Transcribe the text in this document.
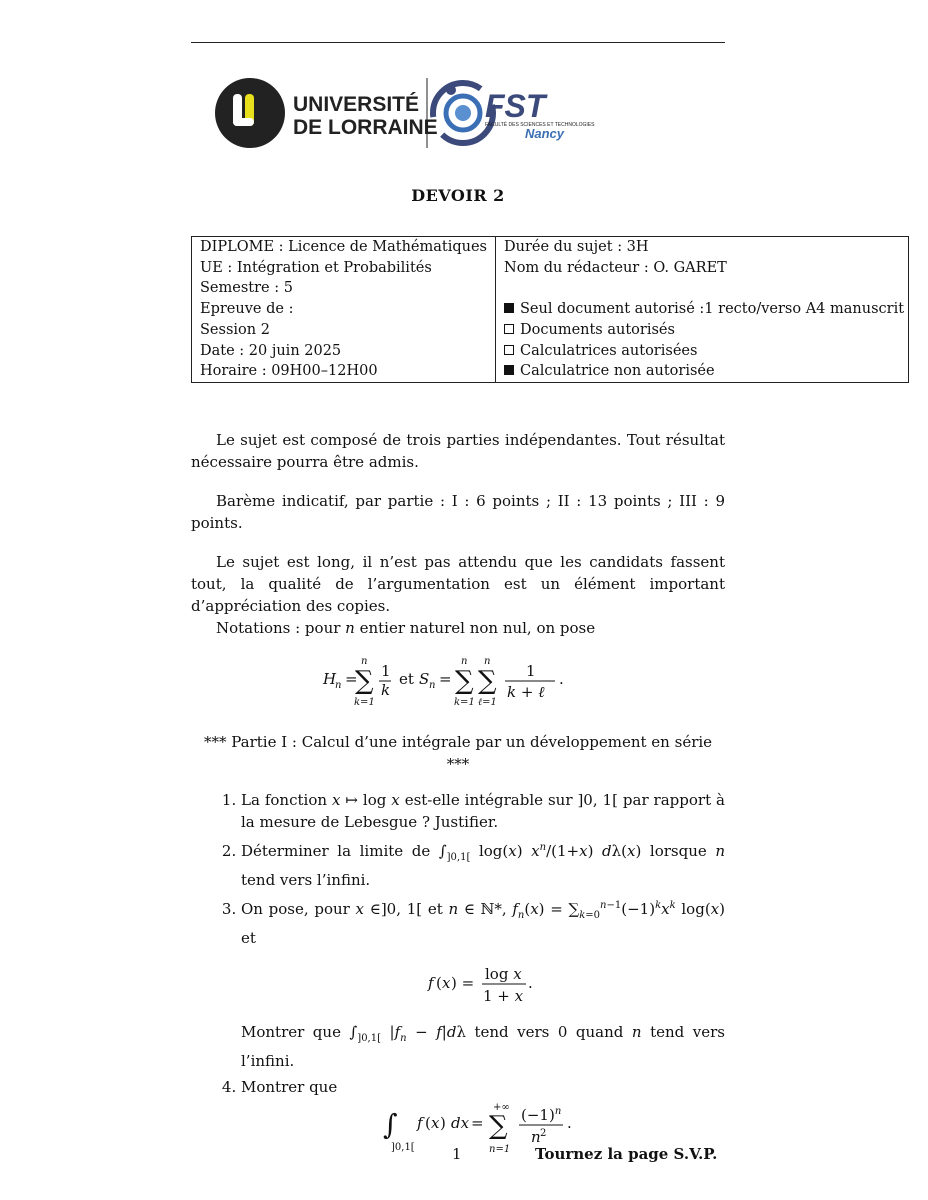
UNIVERSITÉ
DE LORRAINE
FST
FACULTÉ DES SCIENCES ET TECHNOLOGIES
Nancy
DEVOIR 2
DIPLOME : Licence de Mathématiques
UE : Intégration et Probabilités
Semestre : 5
Epreuve de :
Session 2
Date : 20 juin 2025
Horaire : 09H00–12H00
Durée du sujet : 3H
Nom du rédacteur : O. GARET
Seul document autorisé :1 recto/verso A4 manuscrit
Documents autorisés
Calculatrices autorisées
Calculatrice non autorisée

Le sujet est composé de trois parties indépendantes. Tout résultat nécessaire pourra être admis.

Barème indicatif, par partie : I : 6 points ; II : 13 points ; III : 9 points.

Le sujet est long, il n’est pas attendu que les candidats fassent tout, la qualité de l’argumentation est un élément important d’appréciation des copies.

Notations : pour n entier naturel non nul, on pose

H
n =
n
∑
k=1
1
k
et S n =
n
∑
k=1
n
∑
ℓ=1
1
k + ℓ
.
*** Partie I : Calcul d’une intégrale par un développement en série ***
1. La fonction x ↦ log x est-elle intégrable sur ]0, 1[ par rapport à la mesure de Lebesgue ? Justifier.
2. Déterminer la limite de $\int_{]0,1[}$ log(x) $x^n/(1+x)$ dλ(x) lorsque n tend vers l’infini.
3. On pose, pour x ∈]0, 1[ et n ∈ ℕ*, $f_n(x) = \sum_{k=0}^{n-1}(-1)^kx^k$ log(x) et
f ( x ) = log x
1 + x
.
Montrer que $\int_{]0,1[}$ $|f_n - f|d\lambda$ tend vers 0 quand n tend vers l’infini.
4. Montrer que
∫
]0,1[
f ( x ) dx =
+∞
∑
n=1
$(-1)^n$
n 2
.
1	Tournez la page S.V.P.
